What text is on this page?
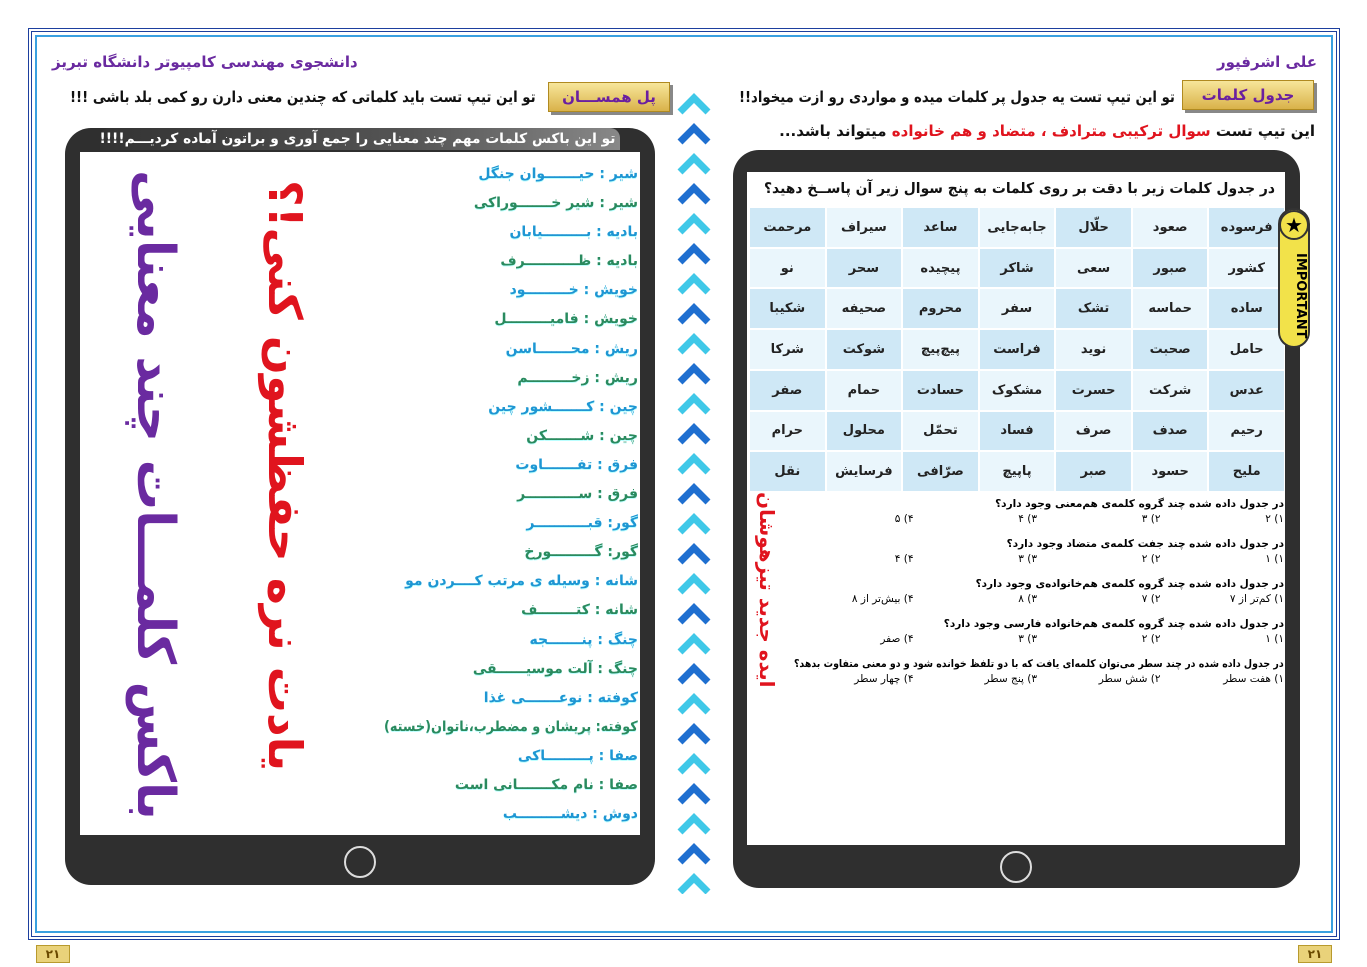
۲۱	۲۱
دانشجوی مهندسی کامپیوتر دانشگاه تبریز
پل همســـان
تو این تیپ تست باید کلماتی که چندین معنی دارن رو کمی بلد باشی !!!
تو این باکس کلمات مهم چند معنایی را جمع آوری و براتون آماده کردیـــم!!!!
باکس کلمـــات چند معنایی یادت نره حفظشون کنی!؟
شیر : حیـــــــوان جنگل
شیر : شیر خـــــــوراکی
بادیه : بـــــــــیابان
بادیه : ظـــــــــــرف
خویش : خـــــــــود
خویش : فامیـــــــــل
ریش : محـــــــاسن
ریش : زخـــــــــم
چین : کـــــــشور چین
چین : شـــــــکن
فرق : تفـــــــاوت
فرق : ســـــــــــر
گور: قبـــــــــــر
گور: گـــــــــورخ
شانه : وسیله ی مرتب کــــردن مو
شانه : کتــــــــف
چنگ : پنـــــــجه
چنگ : آلت موسیــــــقی
کوفته : نوعـــــــی غذا
کوفته: پریشان و مضطرب،ناتوان(خسته)
صفا : پـــــــــاکی
صفا : نام مکـــــــانی است
دوش : دیشـــــــــب
علی اشرفپور
جدول کلمات
تو این تیپ تست یه جدول پر کلمات میده و مواردی رو ازت میخواد!!
این تیپ تست سوال ترکیبی مترادف ، متضاد و هم خانواده میتواند باشد...
در جدول کلمات زیر با دقت بر روی کلمات به پنج سوال زیر آن پاســخ دهید؟
فرسوده
صعود
حلّال
جابه‌جایی
ساعد
سیراف
مرحمت
کشور
صبور
سعی
شاکر
پیچیده
سحر
نو
ساده
حماسه
تشک
سفر
محروم
صحیفه
شکیبا
حامل
صحبت
نوید
فراست
پیچ‌پیچ
شوکت
شرکا
عدس
شرکت
حسرت
مشکوک
حسادت
حمام
صفر
رحیم
صدف
صرف
فساد
تحمّل
محلول
حرام
ملیح
حسود
صبر
پاپیچ
صرّافی
فرسایش
نقل
IMPORTANT
★
ایده جدید تیزهوشان	در جدول داده شده چند گروه کلمه‌ی هم‌معنی وجود دارد؟
۱) ۲
۲) ۳
۳) ۴
۴) ۵
در جدول داده شده چند جفت کلمه‌ی متضاد وجود دارد؟
۱) ۱
۲) ۲
۳) ۳
۴) ۴
در جدول داده شده چند گروه کلمه‌ی هم‌خانواده‌ی وجود دارد؟
۱) کم‌تر از ۷
۲) ۷
۳) ۸
۴) بیش‌تر از ۸
در جدول داده شده چند گروه کلمه‌ی هم‌خانواده فارسی وجود دارد؟
۱) ۱
۲) ۲
۳) ۳
۴) صفر
در جدول داده شده در چند سطر می‌توان کلمه‌ای یافت که با دو تلفظ خوانده شود و دو معنی متفاوت بدهد؟
۱) هفت سطر
۲) شش سطر
۳) پنج سطر
۴) چهار سطر
